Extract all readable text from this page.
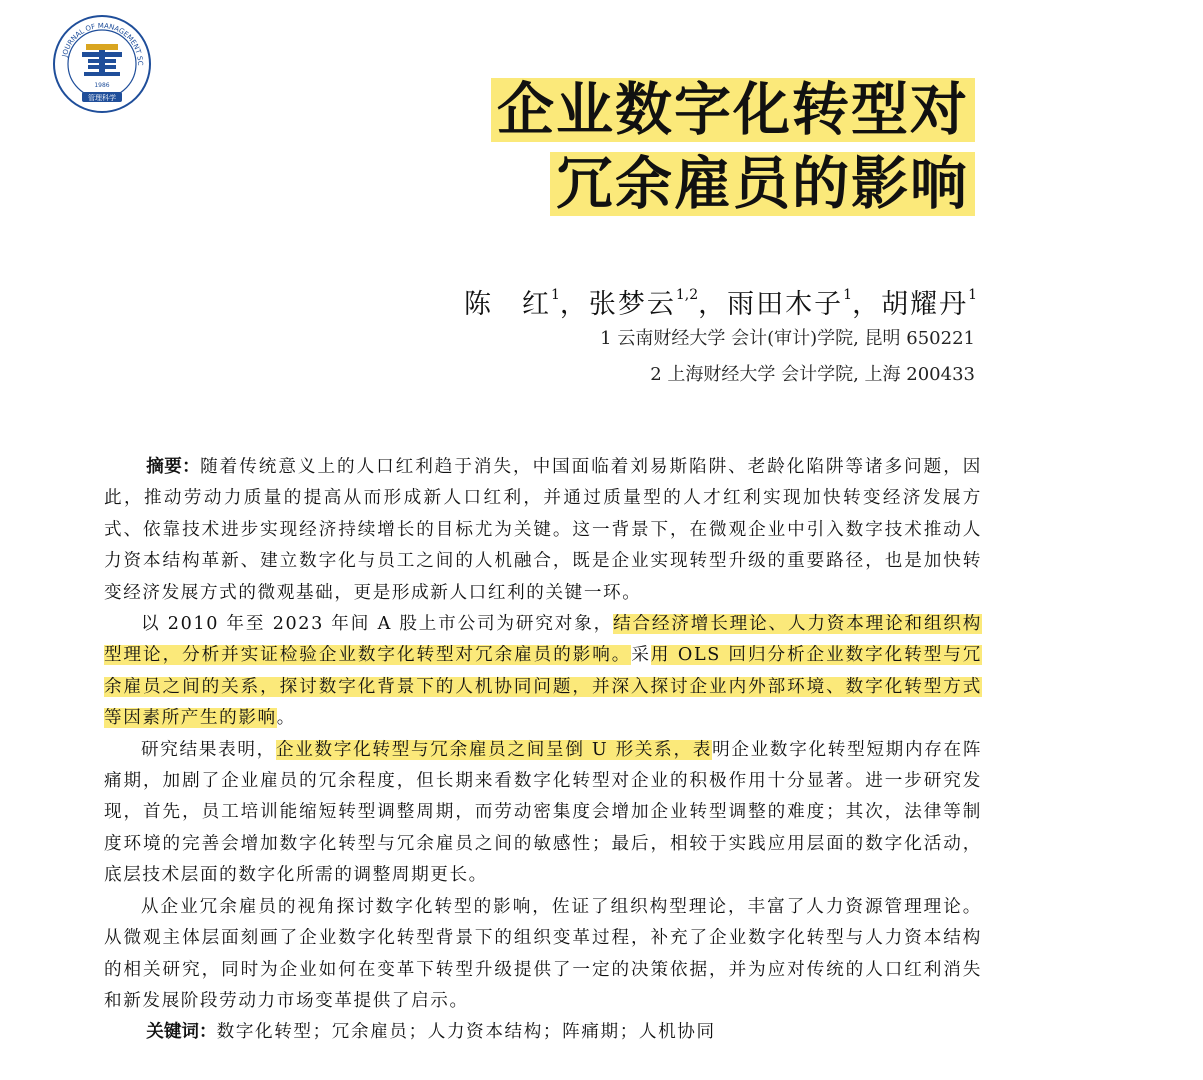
JOURNAL OF MANAGEMENT SC
1986
管理科学	企业数字化转型对
冗余雇员的影响
陈　红$^1$，张梦云$^{1,2}$，雨田木子$^1$，胡耀丹$^1$
1 云南财经大学 会计(审计)学院, 昆明 650221
2 上海财经大学 会计学院, 上海 200433

摘要：随着传统意义上的人口红利趋于消失，中国面临着刘易斯陷阱、老龄化陷阱等诸多问题，因此，推动劳动力质量的提高从而形成新人口红利，并通过质量型的人才红利实现加快转变经济发展方式、依靠技术进步实现经济持续增长的目标尤为关键。这一背景下，在微观企业中引入数字技术推动人力资本结构革新、建立数字化与员工之间的人机融合，既是企业实现转型升级的重要路径，也是加快转变经济发展方式的微观基础，更是形成新人口红利的关键一环。

以 2010 年至 2023 年间 A 股上市公司为研究对象，结合经济增长理论、人力资本理论和组织构型理论，分析并实证检验企业数字化转型对冗余雇员的影响。采用 OLS 回归分析企业数字化转型与冗余雇员之间的关系，探讨数字化背景下的人机协同问题，并深入探讨企业内外部环境、数字化转型方式等因素所产生的影响。

研究结果表明，企业数字化转型与冗余雇员之间呈倒 U 形关系，表明企业数字化转型短期内存在阵痛期，加剧了企业雇员的冗余程度，但长期来看数字化转型对企业的积极作用十分显著。进一步研究发现，首先，员工培训能缩短转型调整周期，而劳动密集度会增加企业转型调整的难度；其次，法律等制度环境的完善会增加数字化转型与冗余雇员之间的敏感性；最后，相较于实践应用层面的数字化活动，底层技术层面的数字化所需的调整周期更长。

从企业冗余雇员的视角探讨数字化转型的影响，佐证了组织构型理论，丰富了人力资源管理理论。从微观主体层面刻画了企业数字化转型背景下的组织变革过程，补充了企业数字化转型与人力资本结构的相关研究，同时为企业如何在变革下转型升级提供了一定的决策依据，并为应对传统的人口红利消失和新发展阶段劳动力市场变革提供了启示。

关键词：数字化转型；冗余雇员；人力资本结构；阵痛期；人机协同
